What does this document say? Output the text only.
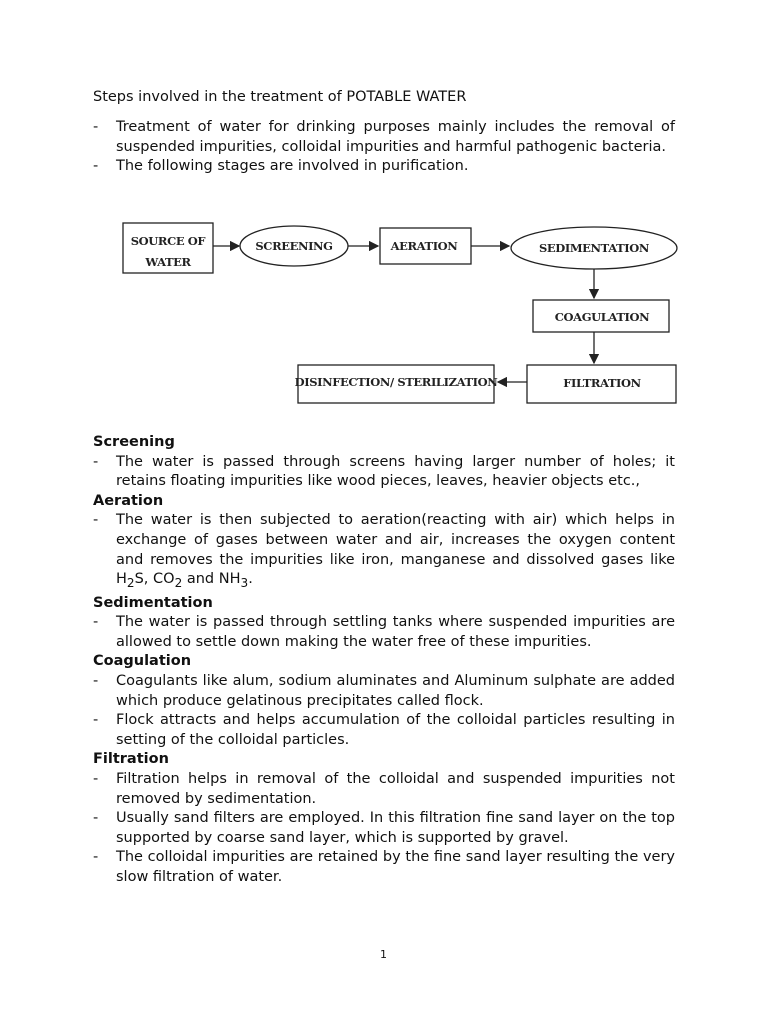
Steps involved in the treatment of POTABLE WATER
- Treatment of water for drinking purposes mainly includes the removal of suspended impurities, colloidal impurities and harmful pathogenic bacteria.
- The following stages are involved in purification.
SOURCE OF
WATER
SCREENING	AERATION	SEDIMENTATION
COAGULATION
FILTRATION
DISINFECTION/ STERILIZATION
Screening
- The water is passed through screens having larger number of holes; it retains floating impurities like wood pieces, leaves, heavier objects etc.,
Aeration
- The water is then subjected to aeration(reacting with air) which helps in exchange of gases between water and air, increases the oxygen content and removes the impurities like iron, manganese and dissolved gases like $H_2S$, $CO_2$ and $NH_3$.
Sedimentation
- The water is passed through settling tanks where suspended impurities are allowed to settle down making the water free of these impurities.
Coagulation
- Coagulants like alum, sodium aluminates and Aluminum sulphate are added which produce gelatinous precipitates called flock.
- Flock attracts and helps accumulation of the colloidal particles resulting in setting of the colloidal particles.
Filtration
- Filtration helps in removal of the colloidal and suspended impurities not removed by sedimentation.
- Usually sand filters are employed. In this filtration fine sand layer on the top supported by coarse sand layer, which is supported by gravel.
- The colloidal impurities are retained by the fine sand layer resulting the very slow filtration of water.
1
